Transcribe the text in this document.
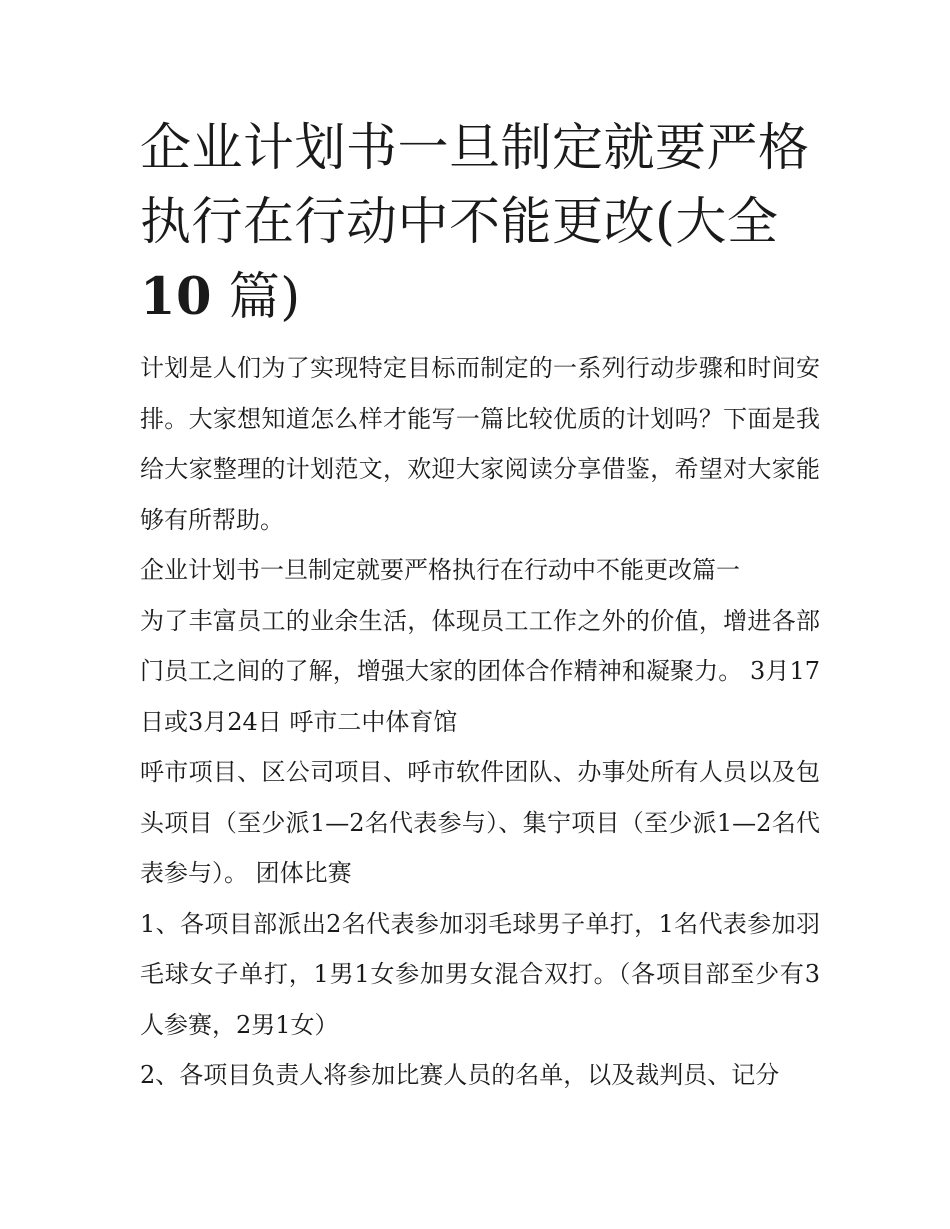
企业计划书一旦制定就要严格
执行在行动中不能更改(大全
10 篇)

计划是人们为了实现特定目标而制定的一系列行动步骤和时间安排。大家想知道怎么样才能写一篇比较优质的计划吗？下面是我给大家整理的计划范文，欢迎大家阅读分享借鉴，希望对大家能够有所帮助。

企业计划书一旦制定就要严格执行在行动中不能更改篇一

为了丰富员工的业余生活，体现员工工作之外的价值，增进各部门员工之间的了解，增强大家的团体合作精神和凝聚力。 3月17日或3月24日 呼市二中体育馆

呼市项目、区公司项目、呼市软件团队、办事处所有人员以及包头项目（至少派1—2名代表参与）、集宁项目（至少派1—2名代表参与）。 团体比赛

1、各项目部派出2名代表参加羽毛球男子单打，1名代表参加羽毛球女子单打，1男1女参加男女混合双打。（各项目部至少有3人参赛，2男1女）

2、各项目负责人将参加比赛人员的名单，以及裁判员、记分
